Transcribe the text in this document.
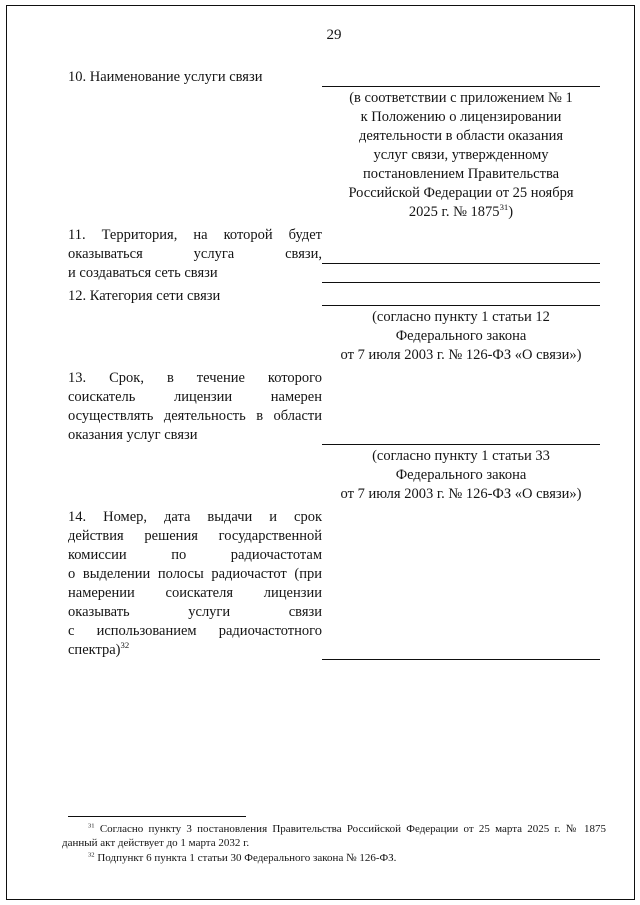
29
10. Наименование услуги связи
(в соответствии с приложением № 1
к Положению о лицензировании
деятельности в области оказания
услуг связи, утвержденному
постановлением Правительства
Российской Федерации от 25 ноября
2025 г. № 1875$^{31}$)
11. Территория, на которой будет
оказываться услуга связи,
и создаваться сеть связи
12. Категория сети связи
(согласно пункту 1 статьи 12
Федерального закона
от 7 июля 2003 г. № 126-ФЗ «О связи»)
13. Срок, в течение которого
соискатель лицензии намерен
осуществлять деятельность в области
оказания услуг связи
(согласно пункту 1 статьи 33
Федерального закона
от 7 июля 2003 г. № 126-ФЗ «О связи»)
14. Номер, дата выдачи и срок
действия решения государственной
комиссии по радиочастотам
о выделении полосы радиочастот (при
намерении соискателя лицензии
оказывать услуги связи
с использованием радиочастотного
спектра)$^{32}$

$^{31}$ Согласно пункту 3 постановления Правительства Российской Федерации от 25 марта 2025 г. № 1875 данный акт действует до 1 марта 2032 г.

$^{32}$ Подпункт 6 пункта 1 статьи 30 Федерального закона № 126-ФЗ.
